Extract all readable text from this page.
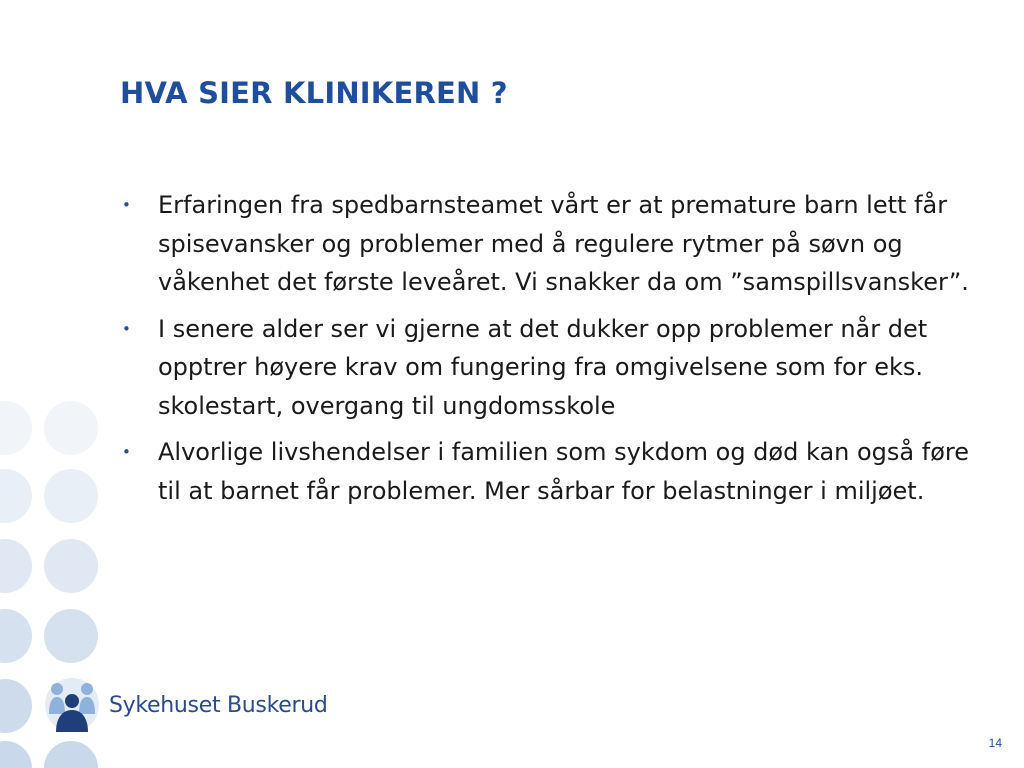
HVA SIER KLINIKEREN ?
• Erfaringen fra spedbarnsteamet vårt er at premature barn lett får spisevansker og problemer med å regulere rytmer på søvn og våkenhet det første leveåret. Vi snakker da om ”samspillsvansker”.
• I senere alder ser vi gjerne at det dukker opp problemer når det opptrer høyere krav om fungering fra omgivelsene som for eks. skolestart, overgang til ungdomsskole
• Alvorlige livshendelser i familien som sykdom og død kan også føre til at barnet får problemer. Mer sårbar for belastninger i miljøet.
Sykehuset Buskerud
14
